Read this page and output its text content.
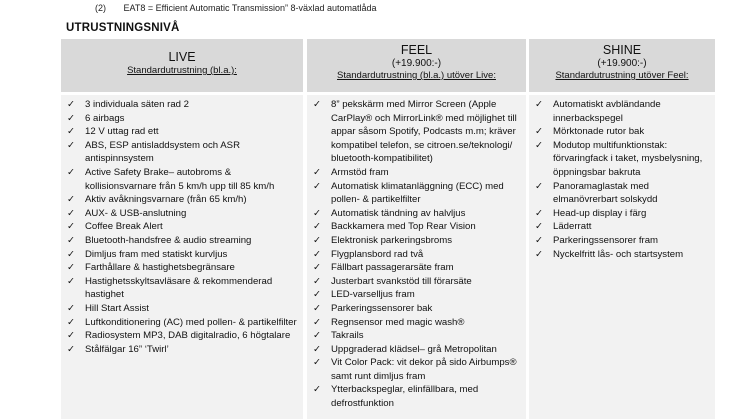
(2) EAT8 = Efficient Automatic Transmission” 8-växlad automatlåda
UTRUSTNINGSNIVÅ
LIVE
Standardutrustning (bl.a.):
✓	3 individuala säten rad 2
✓	6 airbags
✓	12 V uttag rad ett
✓	ABS, ESP antisladdsystem och ASR antispinnsystem
✓	Active Safety Brake– autobroms & kollisionsvarnare från 5 km/h upp till 85 km/h
✓	Aktiv avåkningsvarnare (från 65 km/h)
✓	AUX- & USB-anslutning
✓	Coffee Break Alert
✓	Bluetooth-handsfree & audio streaming
✓	Dimljus fram med statiskt kurvljus
✓	Farthållare & hastighetsbegränsare
✓	Hastighetsskyltsavläsare & rekommenderad hastighet
✓	Hill Start Assist
✓	Luftkonditionering (AC) med pollen- & partikelfilter
✓	Radiosystem MP3, DAB digitalradio, 6 högtalare
✓	Stålfälgar 16” ‘Twirl’
FEEL
(+19.900:-)
Standardutrustning (bl.a.) utöver Live:
✓	8” pekskärm med Mirror Screen (Apple CarPlay® och MirrorLink® med möjlighet till appar såsom Spotify, Podcasts m.m; kräver kompatibel telefon, se citroen.se/teknologi/ bluetooth-kompatibilitet)
✓	Armstöd fram
✓	Automatisk klimatanläggning (ECC) med pollen- & partikelfilter
✓	Automatisk tändning av halvljus
✓	Backkamera med Top Rear Vision
✓	Elektronisk parkeringsbroms
✓	Flygplansbord rad två
✓	Fällbart passagerarsäte fram
✓	Justerbart svankstöd till förarsäte
✓	LED-varselljus fram
✓	Parkeringssensorer bak
✓	Regnsensor med magic wash®
✓	Takrails
✓	Uppgraderad klädsel– grå Metropolitan
✓	Vit Color Pack: vit dekor på sido Airbumps® samt runt dimljus fram
✓	Ytterbackspeglar, elinfällbara, med defrostfunktion
SHINE
(+19.900:-)
Standardutrustning utöver Feel:
✓	Automatiskt avbländande innerbackspegel
✓	Mörktonade rutor bak
✓	Modutop multifunktionstak: förvaringfack i taket, mysbelysning, öppningsbar bakruta
✓	Panoramaglastak med elmanövrerbart solskydd
✓	Head-up display i färg
✓	Läderratt
✓	Parkeringssensorer fram
✓	Nyckelfritt lås- och startsystem
